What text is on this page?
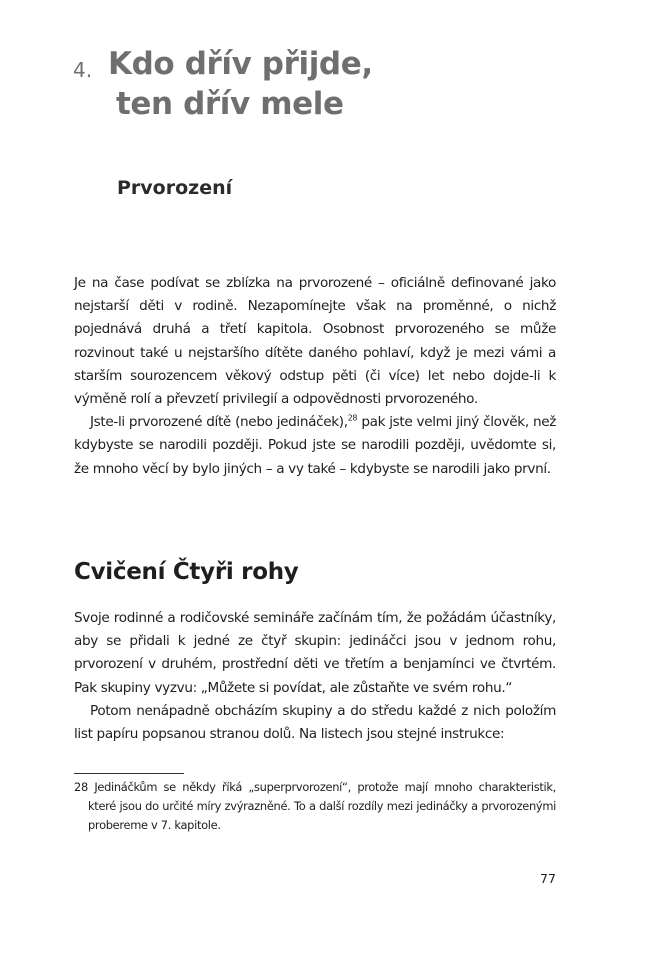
4. Kdo dřív přijde,
ten dřív mele
Prvorození

Je na čase podívat se zblízka na prvorozené – oficiálně definované jako nejstarší děti v rodině. Nezapomínejte však na proměnné, o nichž pojednává druhá a třetí kapitola. Osobnost prvorozeného se může rozvinout také u nejstaršího dítěte daného pohlaví, když je mezi vámi a starším sourozencem věkový odstup pěti (či více) let nebo dojde-li k výměně rolí a převzetí privilegií a odpovědnosti prvorozeného.

Jste-li prvorozené dítě (nebo jedináček),$^{28}$ pak jste velmi jiný člověk, než kdybyste se narodili později. Pokud jste se narodili později, uvědomte si, že mnoho věcí by bylo jiných – a vy také – kdybyste se narodili jako první.

Cvičení Čtyři rohy

Svoje rodinné a rodičovské semináře začínám tím, že požádám účastníky, aby se přidali k jedné ze čtyř skupin: jedináčci jsou v jednom rohu, prvorození v druhém, prostřední děti ve třetím a benjamínci ve čtvrtém. Pak skupiny vyzvu: „Můžete si povídat, ale zůstaňte ve svém rohu.“

Potom nenápadně obcházím skupiny a do středu každé z nich položím list papíru popsanou stranou dolů. Na listech jsou stejné instrukce:

28 Jedináčkům se někdy říká „superprvorození“, protože mají mnoho charakteristik, které jsou do určité míry zvýrazněné. To a další rozdíly mezi jedináčky a prvorozenými probereme v 7. kapitole.
77
